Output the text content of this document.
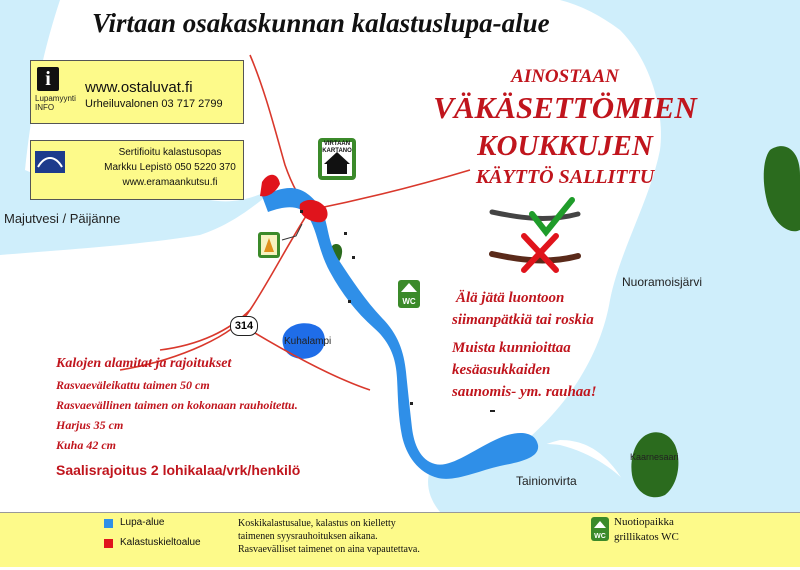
WC
Virtaan osakaskunnan kalastuslupa-alue
i
Lupamyynti INFO
www.ostaluvat.fi
Urheiluvalonen 03 717 2799
Sertifioitu kalastusopas
Markku Lepistö 050 5220 370
www.eramaankutsu.fi
AINOSTAAN
VÄKÄSETTÖMIEN
KOUKKUJEN
KÄYTTÖ SALLITTU
Majutvesi / Päijänne
Nuoramoisjärvi
Kuhalampi
Tainionvirta
Kaarnesaari
314
VIRTAAN KARTANO
Älä jätä luontoon
siimanpätkiä tai roskia
Muista kunnioittaa
kesäasukkaiden
saunomis- ym. rauhaa!
Kalojen alamitat ja rajoitukset
Rasvaeväleikattu taimen 50 cm
Rasvaevällinen taimen on kokonaan rauhoitettu.
Harjus 35 cm
Kuha 42 cm
Saalisrajoitus 2 lohikalaa/vrk/henkilö
Lupa-alue
Kalastuskieltoalue
Koskikalastusalue, kalastus on kielletty
taimenen syysrauhoituksen aikana.
Rasvaevälliset taimenet on aina vapautettava.
WC
Nuotiopaikka
grillikatos WC
